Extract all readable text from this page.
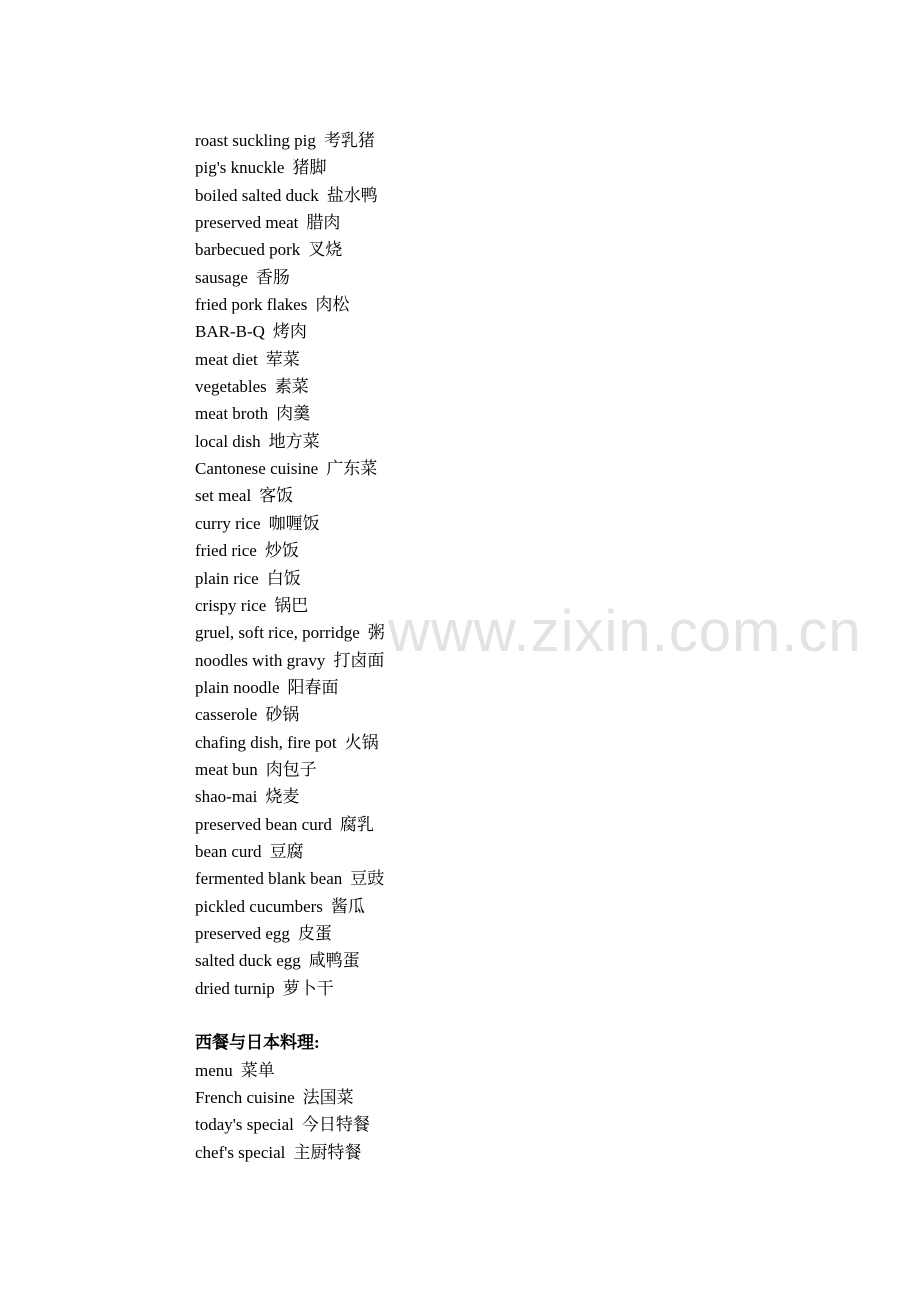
roast suckling pig 考乳猪
pig's knuckle 猪脚
boiled salted duck 盐水鸭
preserved meat 腊肉
barbecued pork 叉烧
sausage 香肠
fried pork flakes 肉松
BAR-B-Q 烤肉
meat diet 荤菜
vegetables 素菜
meat broth 肉羹
local dish 地方菜
Cantonese cuisine 广东菜
set meal 客饭
curry rice 咖喱饭
fried rice 炒饭
plain rice 白饭
crispy rice 锅巴
gruel, soft rice, porridge 粥
noodles with gravy 打卤面
plain noodle 阳春面
casserole 砂锅
chafing dish, fire pot 火锅
meat bun 肉包子
shao-mai 烧麦
preserved bean curd 腐乳
bean curd 豆腐
fermented blank bean 豆豉
pickled cucumbers 酱瓜
preserved egg 皮蛋
salted duck egg 咸鸭蛋
dried turnip 萝卜干
西餐与日本料理:
menu 菜单
French cuisine 法国菜
today's special 今日特餐
chef's special 主厨特餐
www.zixin.com.cn
